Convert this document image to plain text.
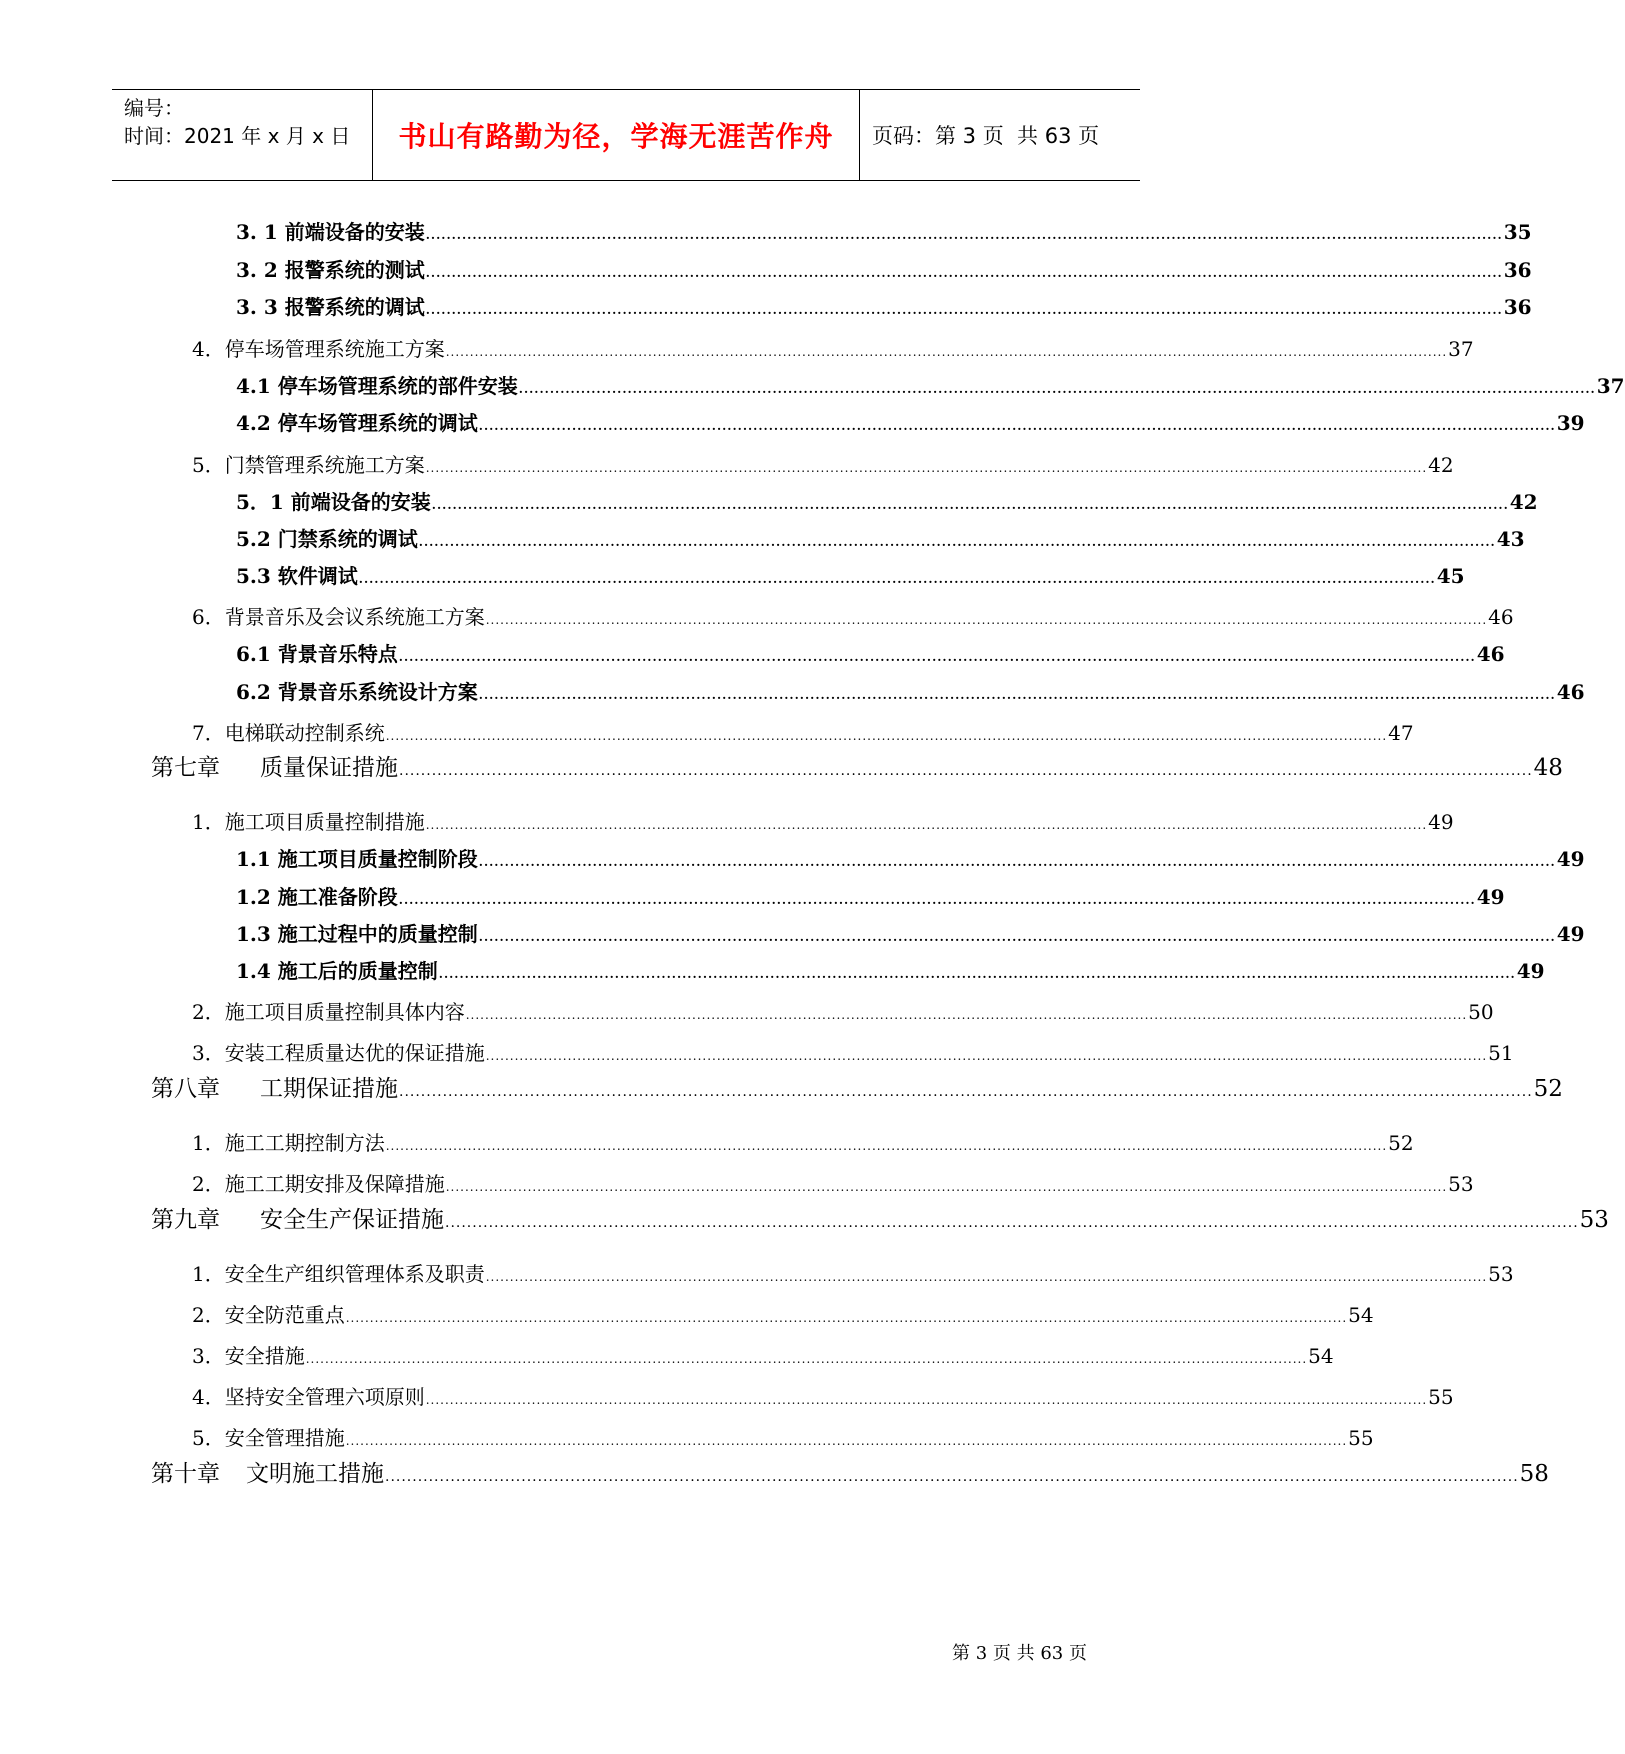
编号：
时间：2021 年 x 月 x 日	书山有路勤为径，学海无涯苦作舟	页码：第 3 页  共 63 页
3. 1 前端设备的安装 ................................................................................................................................................................................................................ 35
3. 2 报警系统的测试 ................................................................................................................................................................................................................ 36
3. 3 报警系统的调试 ................................................................................................................................................................................................................ 36
4．停车场管理系统施工方案 ................................................................................................................................................................................................................ 37
4.1 停车场管理系统的部件安装 ................................................................................................................................................................................................................ 37
4.2 停车场管理系统的调试 ................................................................................................................................................................................................................ 39
5．门禁管理系统施工方案 ................................................................................................................................................................................................................ 42
5．1 前端设备的安装 ................................................................................................................................................................................................................ 42
5.2 门禁系统的调试 ................................................................................................................................................................................................................ 43
5.3 软件调试 ................................................................................................................................................................................................................ 45
6．背景音乐及会议系统施工方案 ................................................................................................................................................................................................................ 46
6.1 背景音乐特点 ................................................................................................................................................................................................................ 46
6.2 背景音乐系统设计方案 ................................................................................................................................................................................................................ 46
7．电梯联动控制系统 ................................................................................................................................................................................................................ 47
第七章 质量保证措施 ................................................................................................................................................................................................................ 48
1．施工项目质量控制措施 ................................................................................................................................................................................................................ 49
1.1 施工项目质量控制阶段 ................................................................................................................................................................................................................ 49
1.2 施工准备阶段 ................................................................................................................................................................................................................ 49
1.3 施工过程中的质量控制 ................................................................................................................................................................................................................ 49
1.4 施工后的质量控制 ................................................................................................................................................................................................................ 49
2．施工项目质量控制具体内容 ................................................................................................................................................................................................................ 50
3．安装工程质量达优的保证措施 ................................................................................................................................................................................................................ 51
第八章 工期保证措施 ................................................................................................................................................................................................................ 52
1．施工工期控制方法 ................................................................................................................................................................................................................ 52
2．施工工期安排及保障措施 ................................................................................................................................................................................................................ 53
第九章 安全生产保证措施 ................................................................................................................................................................................................................ 53
1．安全生产组织管理体系及职责 ................................................................................................................................................................................................................ 53
2．安全防范重点 ................................................................................................................................................................................................................ 54
3．安全措施 ................................................................................................................................................................................................................ 54
4．坚持安全管理六项原则 ................................................................................................................................................................................................................ 55
5．安全管理措施 ................................................................................................................................................................................................................ 55
第十章 文明施工措施 ................................................................................................................................................................................................................ 58
第 3 页 共 63 页
